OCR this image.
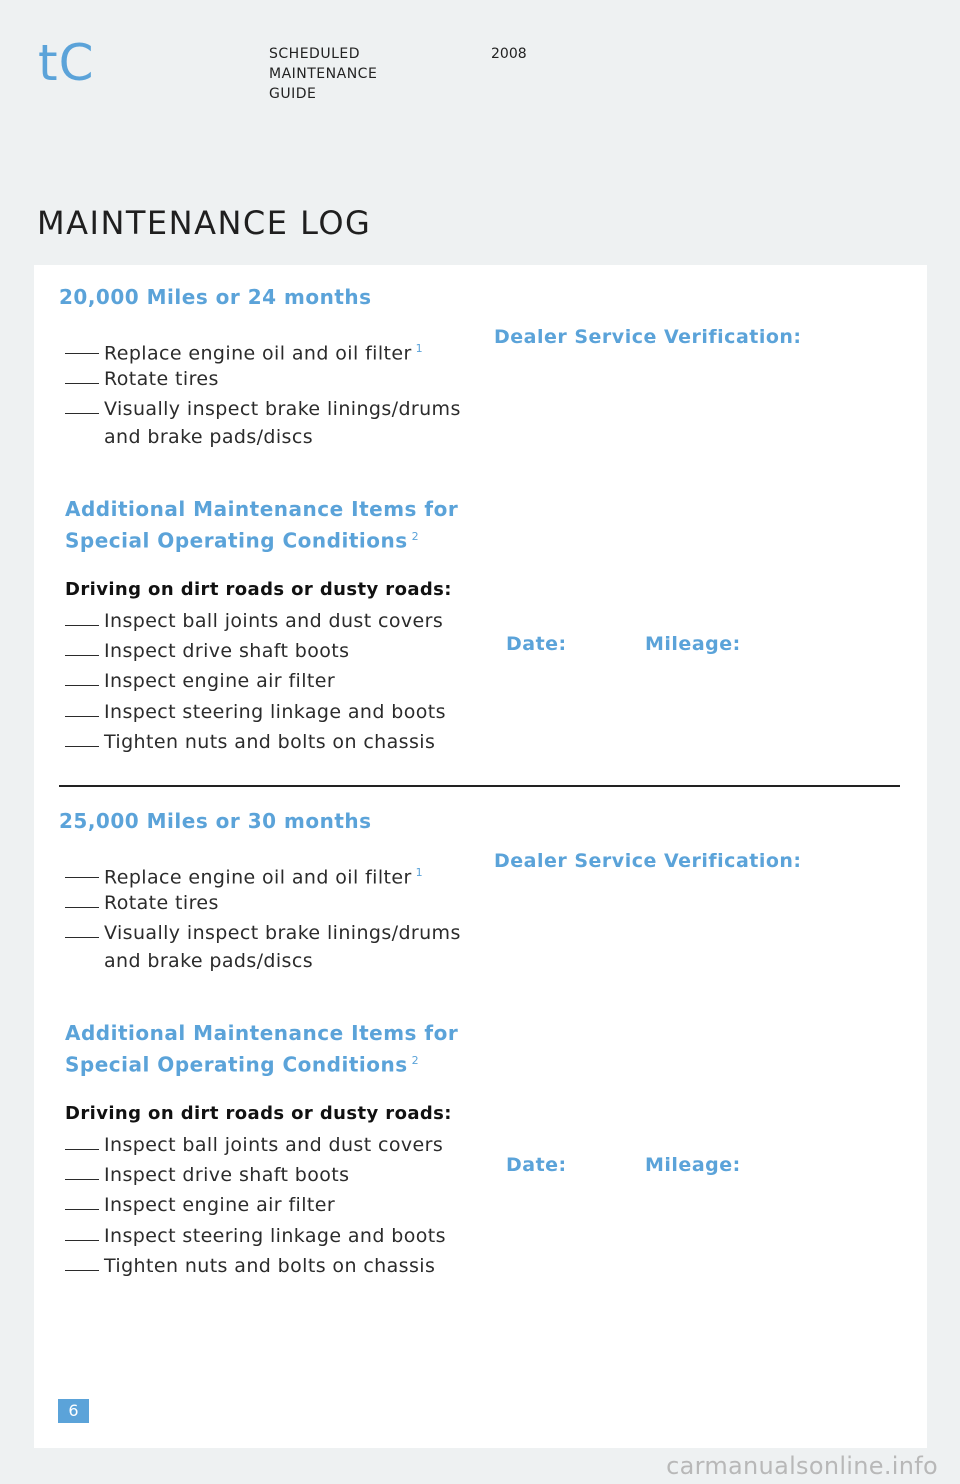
tC	SCHEDULED
MAINTENANCE
GUIDE
2008
MAINTENANCE LOG
20,000 Miles or 24 months
Replace engine oil and oil filter $^1$
Rotate tires
Visually inspect brake linings/drums
and brake pads/discs
Additional Maintenance Items for
Special Operating Conditions $^2$
Driving on dirt roads or dusty roads:
Inspect ball joints and dust covers
Inspect drive shaft boots
Inspect engine air filter
Inspect steering linkage and boots
Tighten nuts and bolts on chassis
Dealer Service Verification:
Date:	Mileage:
25,000 Miles or 30 months
Replace engine oil and oil filter $^1$
Rotate tires
Visually inspect brake linings/drums
and brake pads/discs
Additional Maintenance Items for
Special Operating Conditions $^2$
Driving on dirt roads or dusty roads:
Inspect ball joints and dust covers
Inspect drive shaft boots
Inspect engine air filter
Inspect steering linkage and boots
Tighten nuts and bolts on chassis
Dealer Service Verification:
Date:	Mileage:
6
carmanualsonline.info
